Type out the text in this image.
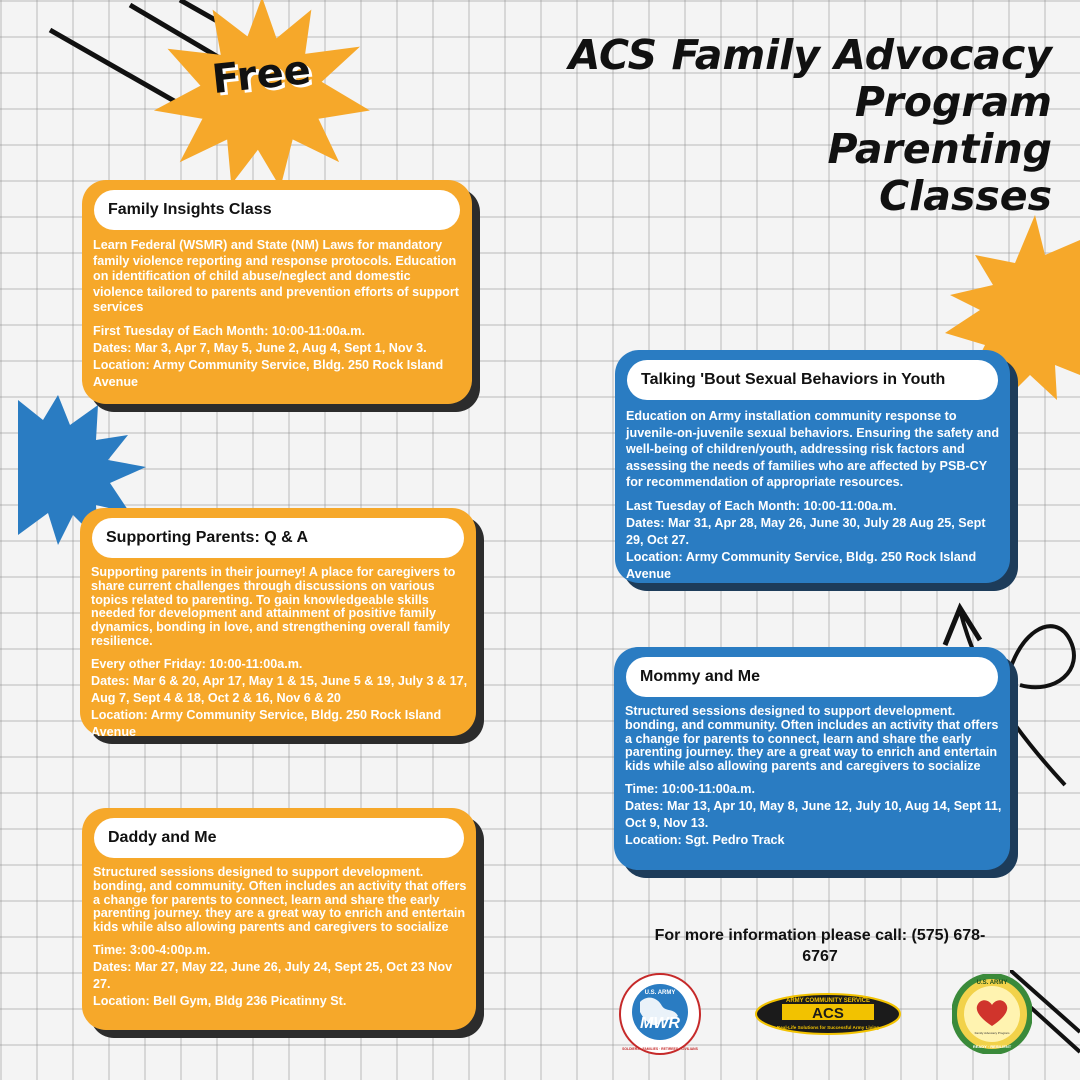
Free	ACS Family Advocacy
Program
Parenting
Classes
Family Insights Class

Learn Federal (WSMR) and State (NM) Laws for mandatory family violence reporting and response protocols. Education on identification of child abuse/neglect and domestic violence tailored to parents and prevention efforts of support services

First Tuesday of Each Month: 10:00-11:00a.m.
Dates: Mar 3, Apr 7, May 5, June 2, Aug 4, Sept 1, Nov 3.
Location: Army Community Service, Bldg. 250 Rock Island Avenue
Supporting Parents: Q & A

Supporting parents in their journey! A place for caregivers to share current challenges through discussions on various topics related to parenting. To gain knowledgeable skills needed for development and attainment of positive family dynamics, bonding in love, and strengthening overall family resilience.

Every other Friday: 10:00-11:00a.m.
Dates: Mar 6 & 20, Apr 17, May 1 & 15, June 5 & 19, July 3 & 17, Aug 7, Sept 4 & 18, Oct 2 & 16, Nov 6 & 20
Location: Army Community Service, Bldg. 250 Rock Island Avenue
Daddy and Me

Structured sessions designed to support development. bonding, and community. Often includes an activity that offers a change for parents to connect, learn and share the early parenting journey. they are a great way to enrich and entertain kids while also allowing parents and caregivers to socialize

Time: 3:00-4:00p.m.
Dates: Mar 27, May 22, June 26, July 24, Sept 25, Oct 23 Nov 27.
Location: Bell Gym, Bldg 236 Picatinny St.
Talking 'Bout Sexual Behaviors in Youth

Education on Army installation community response to juvenile-on-juvenile sexual behaviors. Ensuring the safety and well-being of children/youth, addressing risk factors and assessing the needs of families who are affected by PSB-CY for recommendation of appropriate resources.

Last Tuesday of Each Month: 10:00-11:00a.m.
Dates: Mar 31, Apr 28, May 26, June 30, July 28 Aug 25, Sept 29, Oct 27.
Location: Army Community Service, Bldg. 250 Rock Island Avenue
Mommy and Me

Structured sessions designed to support development. bonding, and community. Often includes an activity that offers a change for parents to connect, learn and share the early parenting journey. they are a great way to enrich and entertain kids while also allowing parents and caregivers to socialize

Time: 10:00-11:00a.m.
Dates: Mar 13, Apr 10, May 8, June 12, July 10, Aug 14, Sept 11, Oct 9, Nov 13.
Location: Sgt. Pedro Track
For more information please call: (575) 678-6767
U.S. ARMY
MWR
SOLDIERS · FAMILIES · RETIREES · CIVILIANS
ARMY COMMUNITY SERVICE
ACS
Real-Life Solutions for Successful Army Living
U.S. ARMY
Family Advocacy Program
READY · RESILIENT
